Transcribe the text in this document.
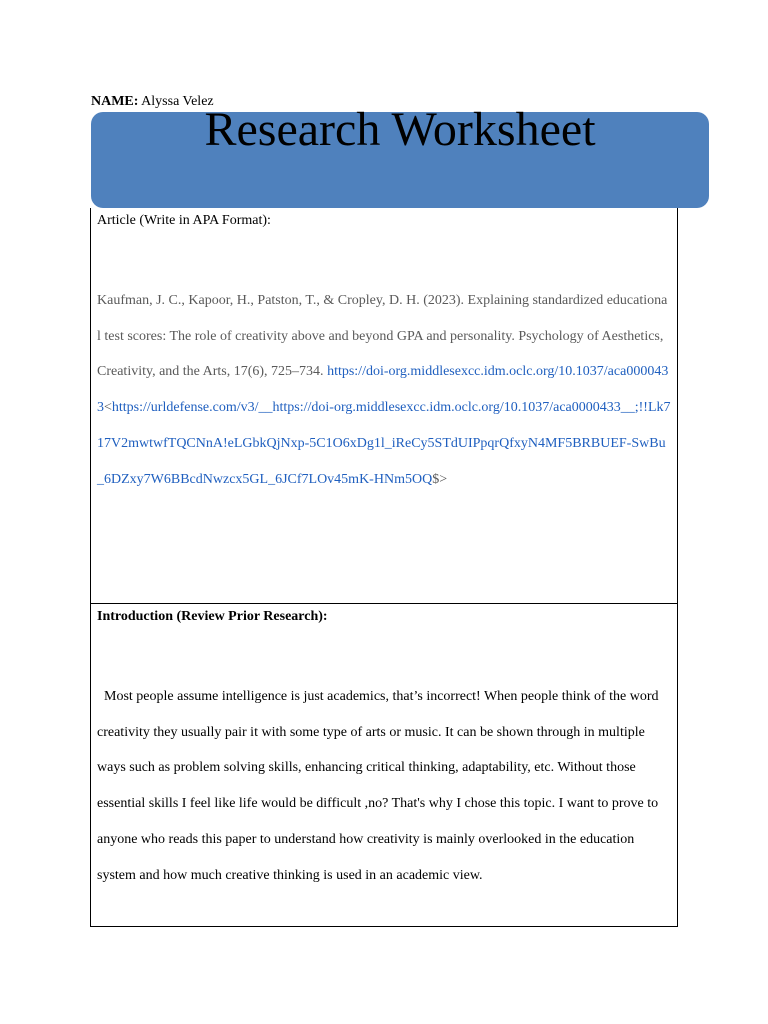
NAME: Alyssa Velez
Research Worksheet
Article (Write in APA Format):
Kaufman, J. C., Kapoor, H., Patston, T., & Cropley, D. H. (2023). Explaining standardized educational test scores: The role of creativity above and beyond GPA and personality. Psychology of Aesthetics, Creativity, and the Arts, 17(6), 725–734. https://doi-org.middlesexcc.idm.oclc.org/10.1037/aca0000433<https://urldefense.com/v3/__https://doi-org.middlesexcc.idm.oclc.org/10.1037/aca0000433__;!!Lk717V2mwtwfTQCNnA!eLGbkQjNxp-5C1O6xDg1l_iReCy5STdUIPpqrQfxyN4MF5BRBUEF-SwBu_6DZxy7W6BBcdNwzcx5GL_6JCf7LOv45mK-HNm5OQ$>
Introduction (Review Prior Research):
Most people assume intelligence is just academics, that’s incorrect! When people think of the word creativity they usually pair it with some type of arts or music. It can be shown through in multiple ways such as problem solving skills, enhancing critical thinking, adaptability, etc. Without those essential skills I feel like life would be difficult ,no? That's why I chose this topic. I want to prove to anyone who reads this paper to understand how creativity is mainly overlooked in the education system and how much creative thinking is used in an academic view.
